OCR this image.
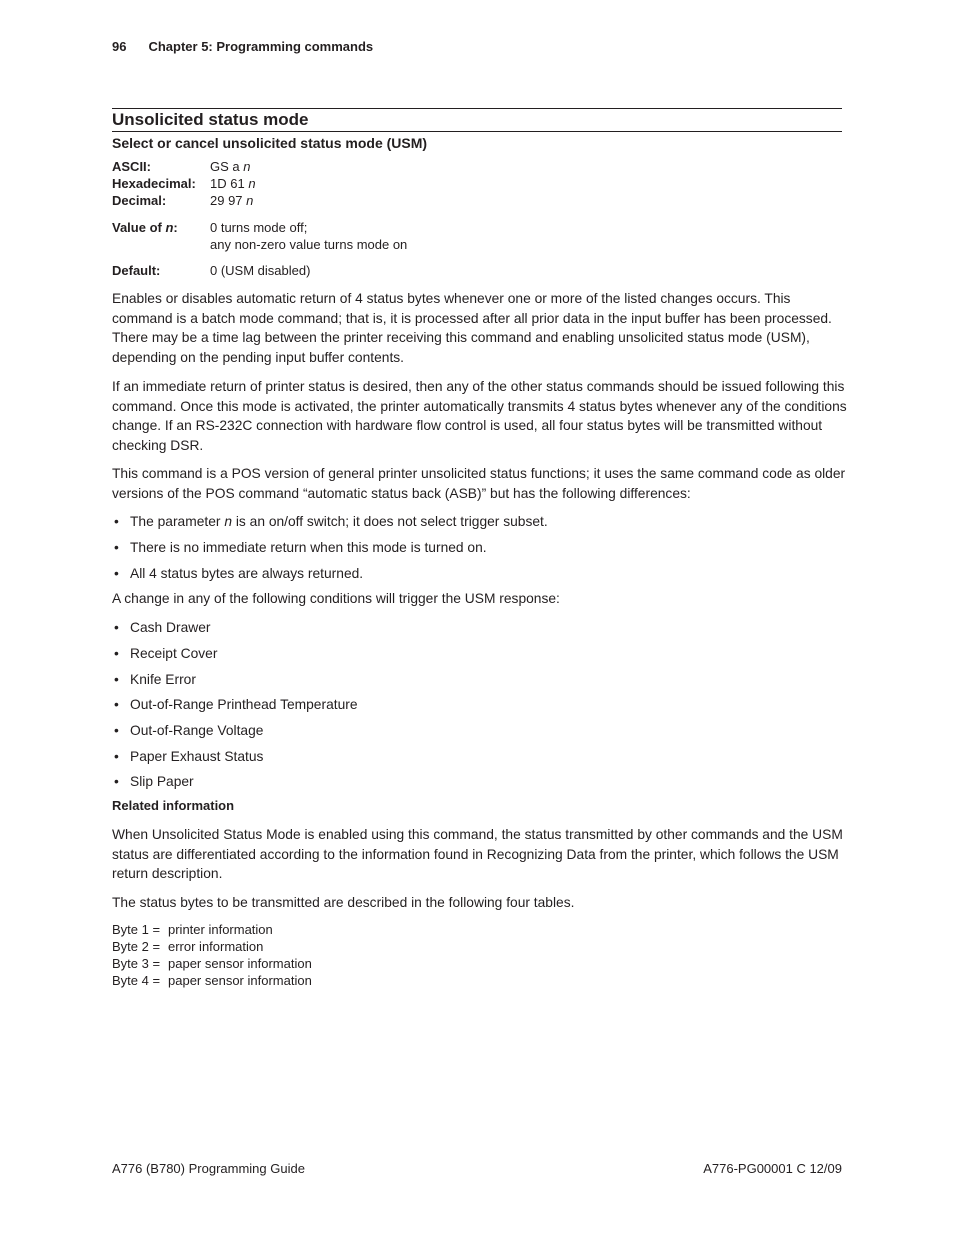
96 Chapter 5: Programming commands
Unsolicited status mode
Select or cancel unsolicited status mode (USM)
ASCII:	GS a n
Hexadecimal: 1D 61 n
Decimal:	29 97 n
Value of n: 0 turns mode off;
any non-zero value turns mode on
Default:	0 (USM disabled)
Enables or disables automatic return of 4 status bytes whenever one or more of the listed changes occurs. This command is a batch mode command; that is, it is processed after all prior data in the input buffer has been processed. There may be a time lag between the printer receiving this command and enabling unsolicited status mode (USM), depending on the pending input buffer contents.
If an immediate return of printer status is desired, then any of the other status commands should be issued following this command. Once this mode is activated, the printer automatically transmits 4 status bytes whenever any of the conditions change. If an RS-232C connection with hardware flow control is used, all four status bytes will be transmitted without checking DSR.
This command is a POS version of general printer unsolicited status functions; it uses the same command code as older versions of the POS command “automatic status back (ASB)” but has the following differences:
• The parameter n is an on/off switch; it does not select trigger subset.
• There is no immediate return when this mode is turned on.
• All 4 status bytes are always returned.
A change in any of the following conditions will trigger the USM response:
• Cash Drawer
• Receipt Cover
• Knife Error
• Out-of-Range Printhead Temperature
• Out-of-Range Voltage
• Paper Exhaust Status
• Slip Paper
Related information
When Unsolicited Status Mode is enabled using this command, the status transmitted by other commands and the USM status are differentiated according to the information found in Recognizing Data from the printer, which follows the USM return description.
The status bytes to be transmitted are described in the following four tables.
Byte 1 = printer information
Byte 2 = error information
Byte 3 = paper sensor information
Byte 4 = paper sensor information
A776 (B780) Programming Guide	A776-PG00001 C 12/09
